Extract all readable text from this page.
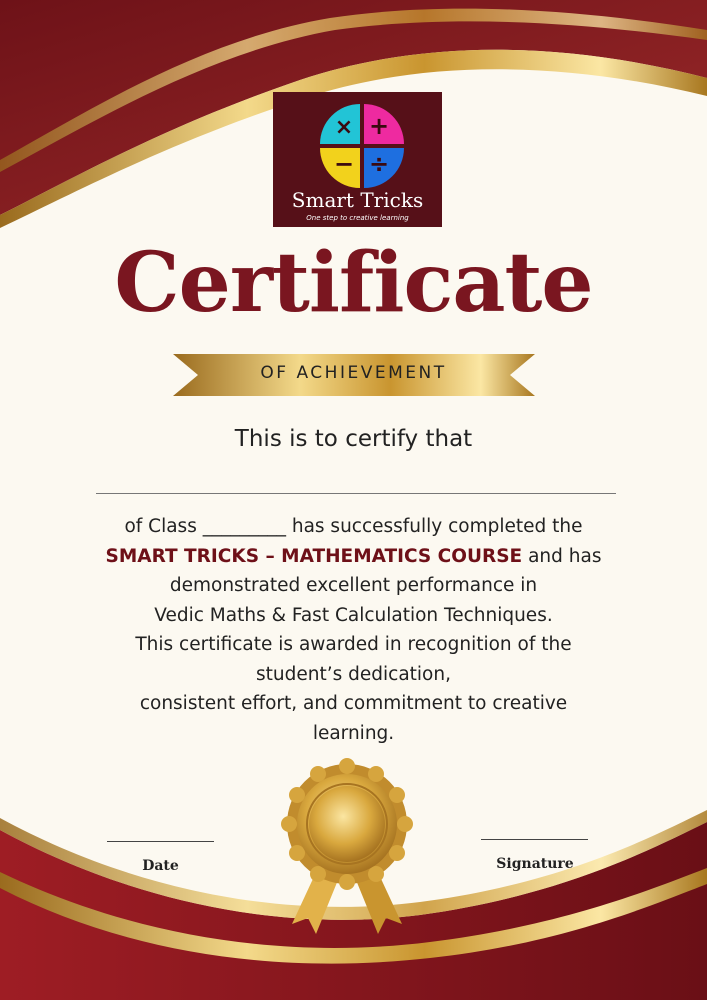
× +
− ÷
Smart Tricks
One step to creative learning
Certificate
OF ACHIEVEMENT
This is to certify that
of Class _________ has successfully completed the
SMART TRICKS – MATHEMATICS COURSE and has
demonstrated excellent performance in
Vedic Maths & Fast Calculation Techniques.
This certificate is awarded in recognition of the
student’s dedication,
consistent effort, and commitment to creative
learning.
Date	Signature
